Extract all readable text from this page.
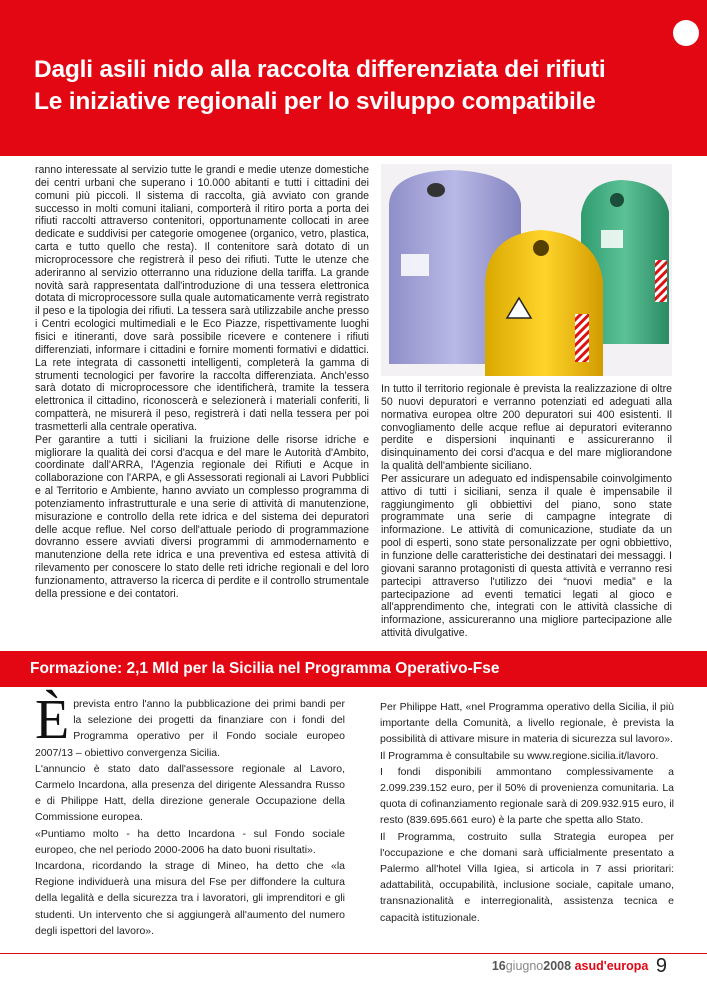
Dagli asili nido alla raccolta differenziata dei rifiuti
Le iniziative regionali per lo sviluppo compatibile

ranno interessate al servizio tutte le grandi e medie utenze domestiche dei centri urbani che superano i 10.000 abitanti e tutti i cittadini dei comuni più piccoli. Il sistema di raccolta, già avviato con grande successo in molti comuni italiani, comporterà il ritiro porta a porta dei rifiuti raccolti attraverso contenitori, opportunamente collocati in aree dedicate e suddivisi per categorie omogenee (organico, vetro, plastica, carta e tutto quello che resta). Il contenitore sarà dotato di un microprocessore che registrerà il peso dei rifiuti. Tutte le utenze che aderiranno al servizio otterranno una riduzione della tariffa. La grande novità sarà rappresentata dall'introduzione di una tessera elettronica dotata di microprocessore sulla quale automaticamente verrà registrato il peso e la tipologia dei rifiuti. La tessera sarà utilizzabile anche presso i Centri ecologici multimediali e le Eco Piazze, rispettivamente luoghi fisici e itineranti, dove sarà possibile ricevere e contenere i rifiuti differenziati, informare i cittadini e fornire momenti formativi e didattici. La rete integrata di cassonetti intelligenti, completerà la gamma di strumenti tecnologici per favorire la raccolta differenziata. Anch'esso sarà dotato di microprocessore che identificherà, tramite la tessera elettronica il cittadino, riconoscerà e selezionerà i materiali conferiti, li compatterà, ne misurerà il peso, registrerà i dati nella tessera per poi trasmetterli alla centrale operativa.

Per garantire a tutti i siciliani la fruizione delle risorse idriche e migliorare la qualità dei corsi d'acqua e del mare le Autorità d'Ambito, coordinate dall'ARRA, l'Agenzia regionale dei Rifiuti e Acque in collaborazione con l'ARPA, e gli Assessorati regionali ai Lavori Pubblici e al Territorio e Ambiente, hanno avviato un complesso programma di potenziamento infrastrutturale e una serie di attività di manutenzione, misurazione e controllo della rete idrica e del sistema dei depuratori delle acque reflue. Nel corso dell'attuale periodo di programmazione dovranno essere avviati diversi programmi di ammodernamento e manutenzione della rete idrica e una preventiva ed estesa attività di rilevamento per conoscere lo stato delle reti idriche regionali e del loro funzionamento, attraverso la ricerca di perdite e il controllo strumentale della pressione e dei contatori.

In tutto il territorio regionale è prevista la realizzazione di oltre 50 nuovi depuratori e verranno potenziati ed adeguati alla normativa europea oltre 200 depuratori sui 400 esistenti. Il convogliamento delle acque reflue ai depuratori eviteranno perdite e dispersioni inquinanti e assicureranno il disinquinamento dei corsi d'acqua e del mare migliorandone la qualità dell'ambiente siciliano.

Per assicurare un adeguato ed indispensabile coinvolgimento attivo di tutti i siciliani, senza il quale è impensabile il raggiungimento gli obbiettivi del piano, sono state programmate una serie di campagne integrate di informazione. Le attività di comunicazione, studiate da un pool di esperti, sono state personalizzate per ogni obbiettivo, in funzione delle caratteristiche dei destinatari dei messaggi. I giovani saranno protagonisti di questa attività e verranno resi partecipi attraverso l'utilizzo dei “nuovi media” e la partecipazione ad eventi tematici legati al gioco e all'apprendimento che, integrati con le attività classiche di informazione, assicureranno una migliore partecipazione alle attività divulgative.

Formazione: 2,1 Mld per la Sicilia nel Programma Operativo-Fse

Èprevista entro l'anno la pubblicazione dei primi bandi per la selezione dei progetti da finanziare con i fondi del Programma operativo per il Fondo sociale europeo 2007/13 – obiettivo convergenza Sicilia.

L'annuncio è stato dato dall'assessore regionale al Lavoro, Carmelo Incardona, alla presenza del dirigente Alessandra Russo e di Philippe Hatt, della direzione generale Occupazione della Commissione europea.

«Puntiamo molto - ha detto Incardona - sul Fondo sociale europeo, che nel periodo 2000-2006 ha dato buoni risultati».

Incardona, ricordando la strage di Mineo, ha detto che «la Regione individuerà una misura del Fse per diffondere la cultura della legalità e della sicurezza tra i lavoratori, gli imprenditori e gli studenti. Un intervento che si aggiungerà all'aumento del numero degli ispettori del lavoro».

Per Philippe Hatt, «nel Programma operativo della Sicilia, il più importante della Comunità, a livello regionale, è prevista la possibilità di attivare misure in materia di sicurezza sul lavoro».

Il Programma è consultabile su www.regione.sicilia.it/lavoro.

I fondi disponibili ammontano complessivamente a 2.099.239.152 euro, per il 50% di provenienza comunitaria. La quota di cofinanziamento regionale sarà di 209.932.915 euro, il resto (839.695.661 euro) è la parte che spetta allo Stato.

Il Programma, costruito sulla Strategia europea per l'occupazione e che domani sarà ufficialmente presentato a Palermo all'hotel Villa Igiea, si articola in 7 assi prioritari: adattabilità, occupabilità, inclusione sociale, capitale umano, transnazionalità e interregionalità, assistenza tecnica e capacità istituzionale.

16giugno2008 asud'europa 9
